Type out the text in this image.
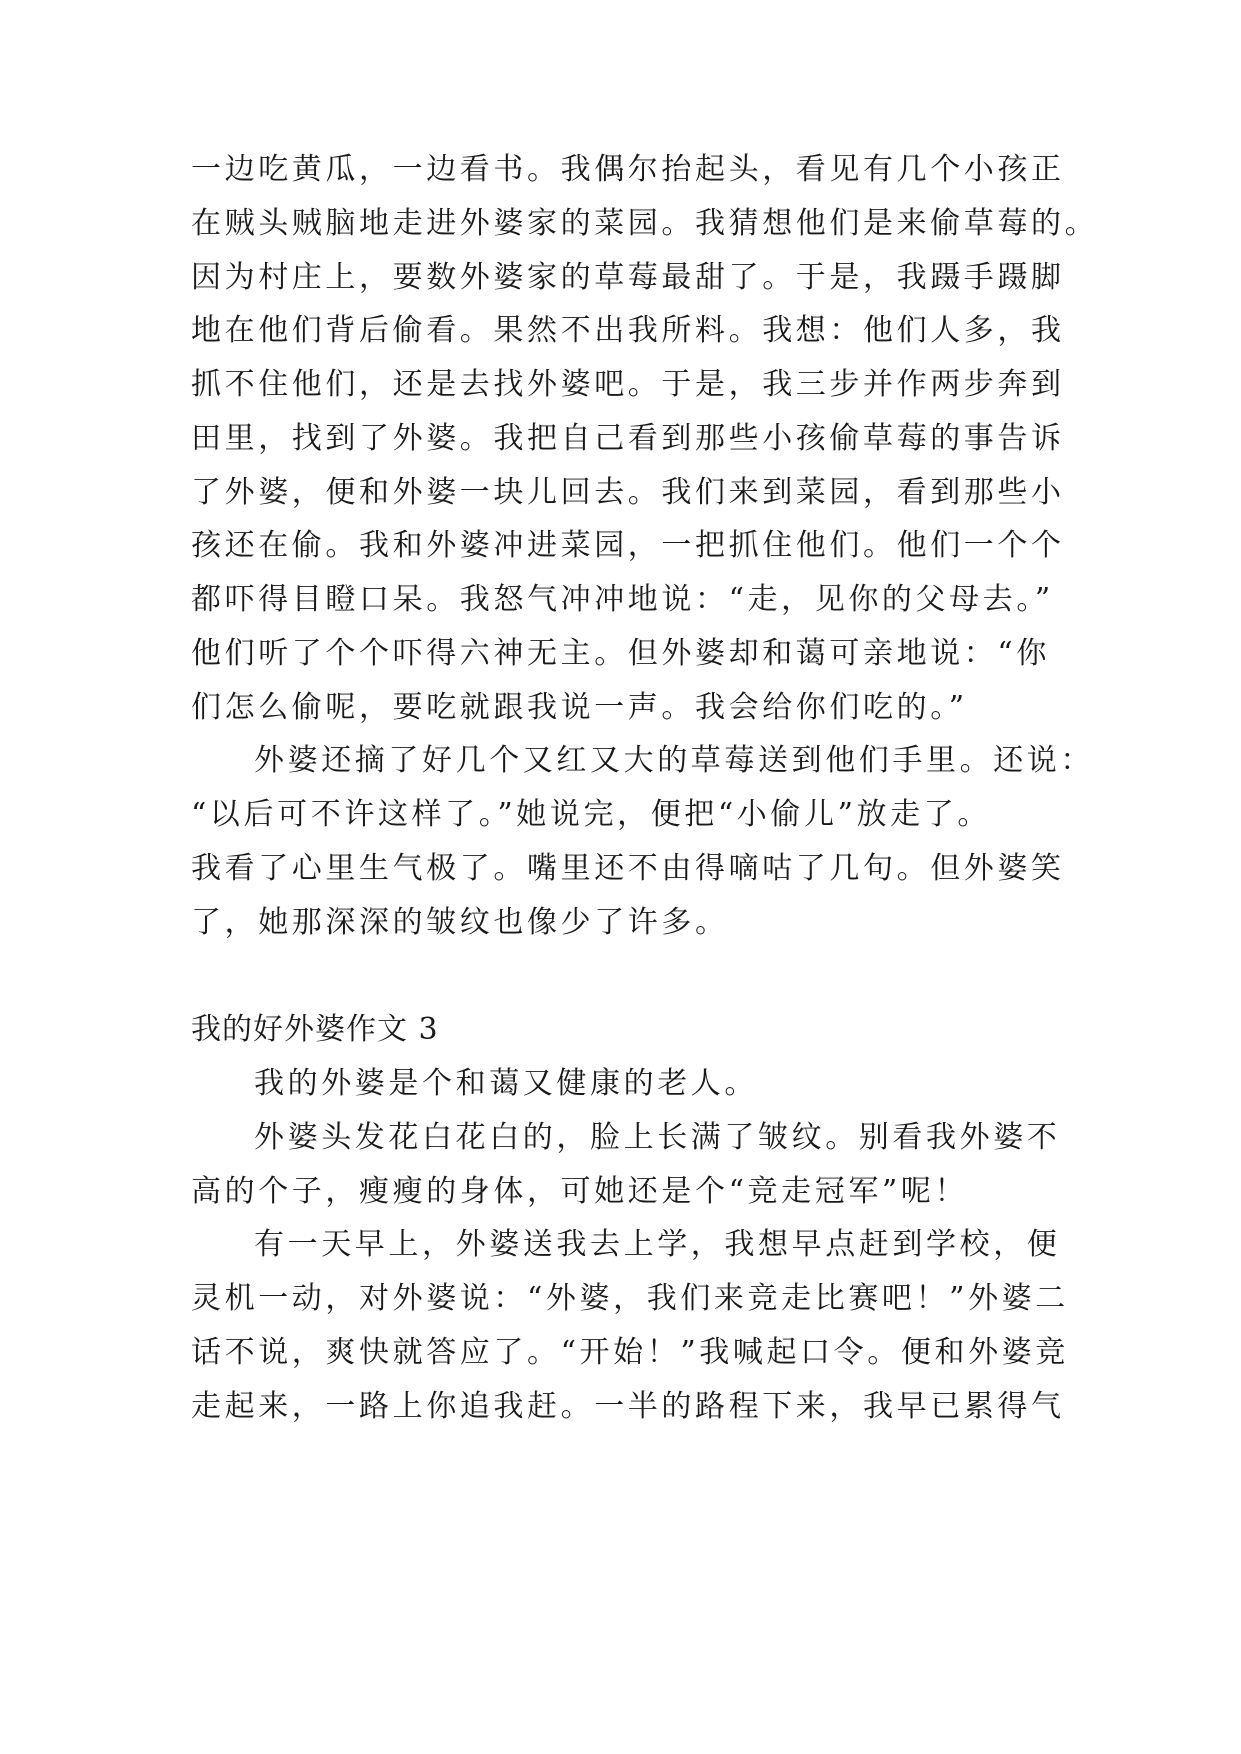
一边吃黄瓜，一边看书。我偶尔抬起头，看见有几个小孩正
在贼头贼脑地走进外婆家的菜园。我猜想他们是来偷草莓的。
因为村庄上，要数外婆家的草莓最甜了。于是，我蹑手蹑脚
地在他们背后偷看。果然不出我所料。我想：他们人多，我
抓不住他们，还是去找外婆吧。于是，我三步并作两步奔到
田里，找到了外婆。我把自己看到那些小孩偷草莓的事告诉
了外婆，便和外婆一块儿回去。我们来到菜园，看到那些小
孩还在偷。我和外婆冲进菜园，一把抓住他们。他们一个个
都吓得目瞪口呆。我怒气冲冲地说：“走，见你的父母去。”
他们听了个个吓得六神无主。但外婆却和蔼可亲地说：“你
们怎么偷呢，要吃就跟我说一声。我会给你们吃的。”
外婆还摘了好几个又红又大的草莓送到他们手里。还说：
“以后可不许这样了。”她说完，便把“小偷儿”放走了。
我看了心里生气极了。嘴里还不由得嘀咕了几句。但外婆笑
了，她那深深的皱纹也像少了许多。
我的好外婆作文 3
我的外婆是个和蔼又健康的老人。
外婆头发花白花白的，脸上长满了皱纹。别看我外婆不
高的个子，瘦瘦的身体，可她还是个“竞走冠军”呢！
有一天早上，外婆送我去上学，我想早点赶到学校，便
灵机一动，对外婆说：“外婆，我们来竞走比赛吧！”外婆二
话不说，爽快就答应了。“开始！”我喊起口令。便和外婆竞
走起来，一路上你追我赶。一半的路程下来，我早已累得气
